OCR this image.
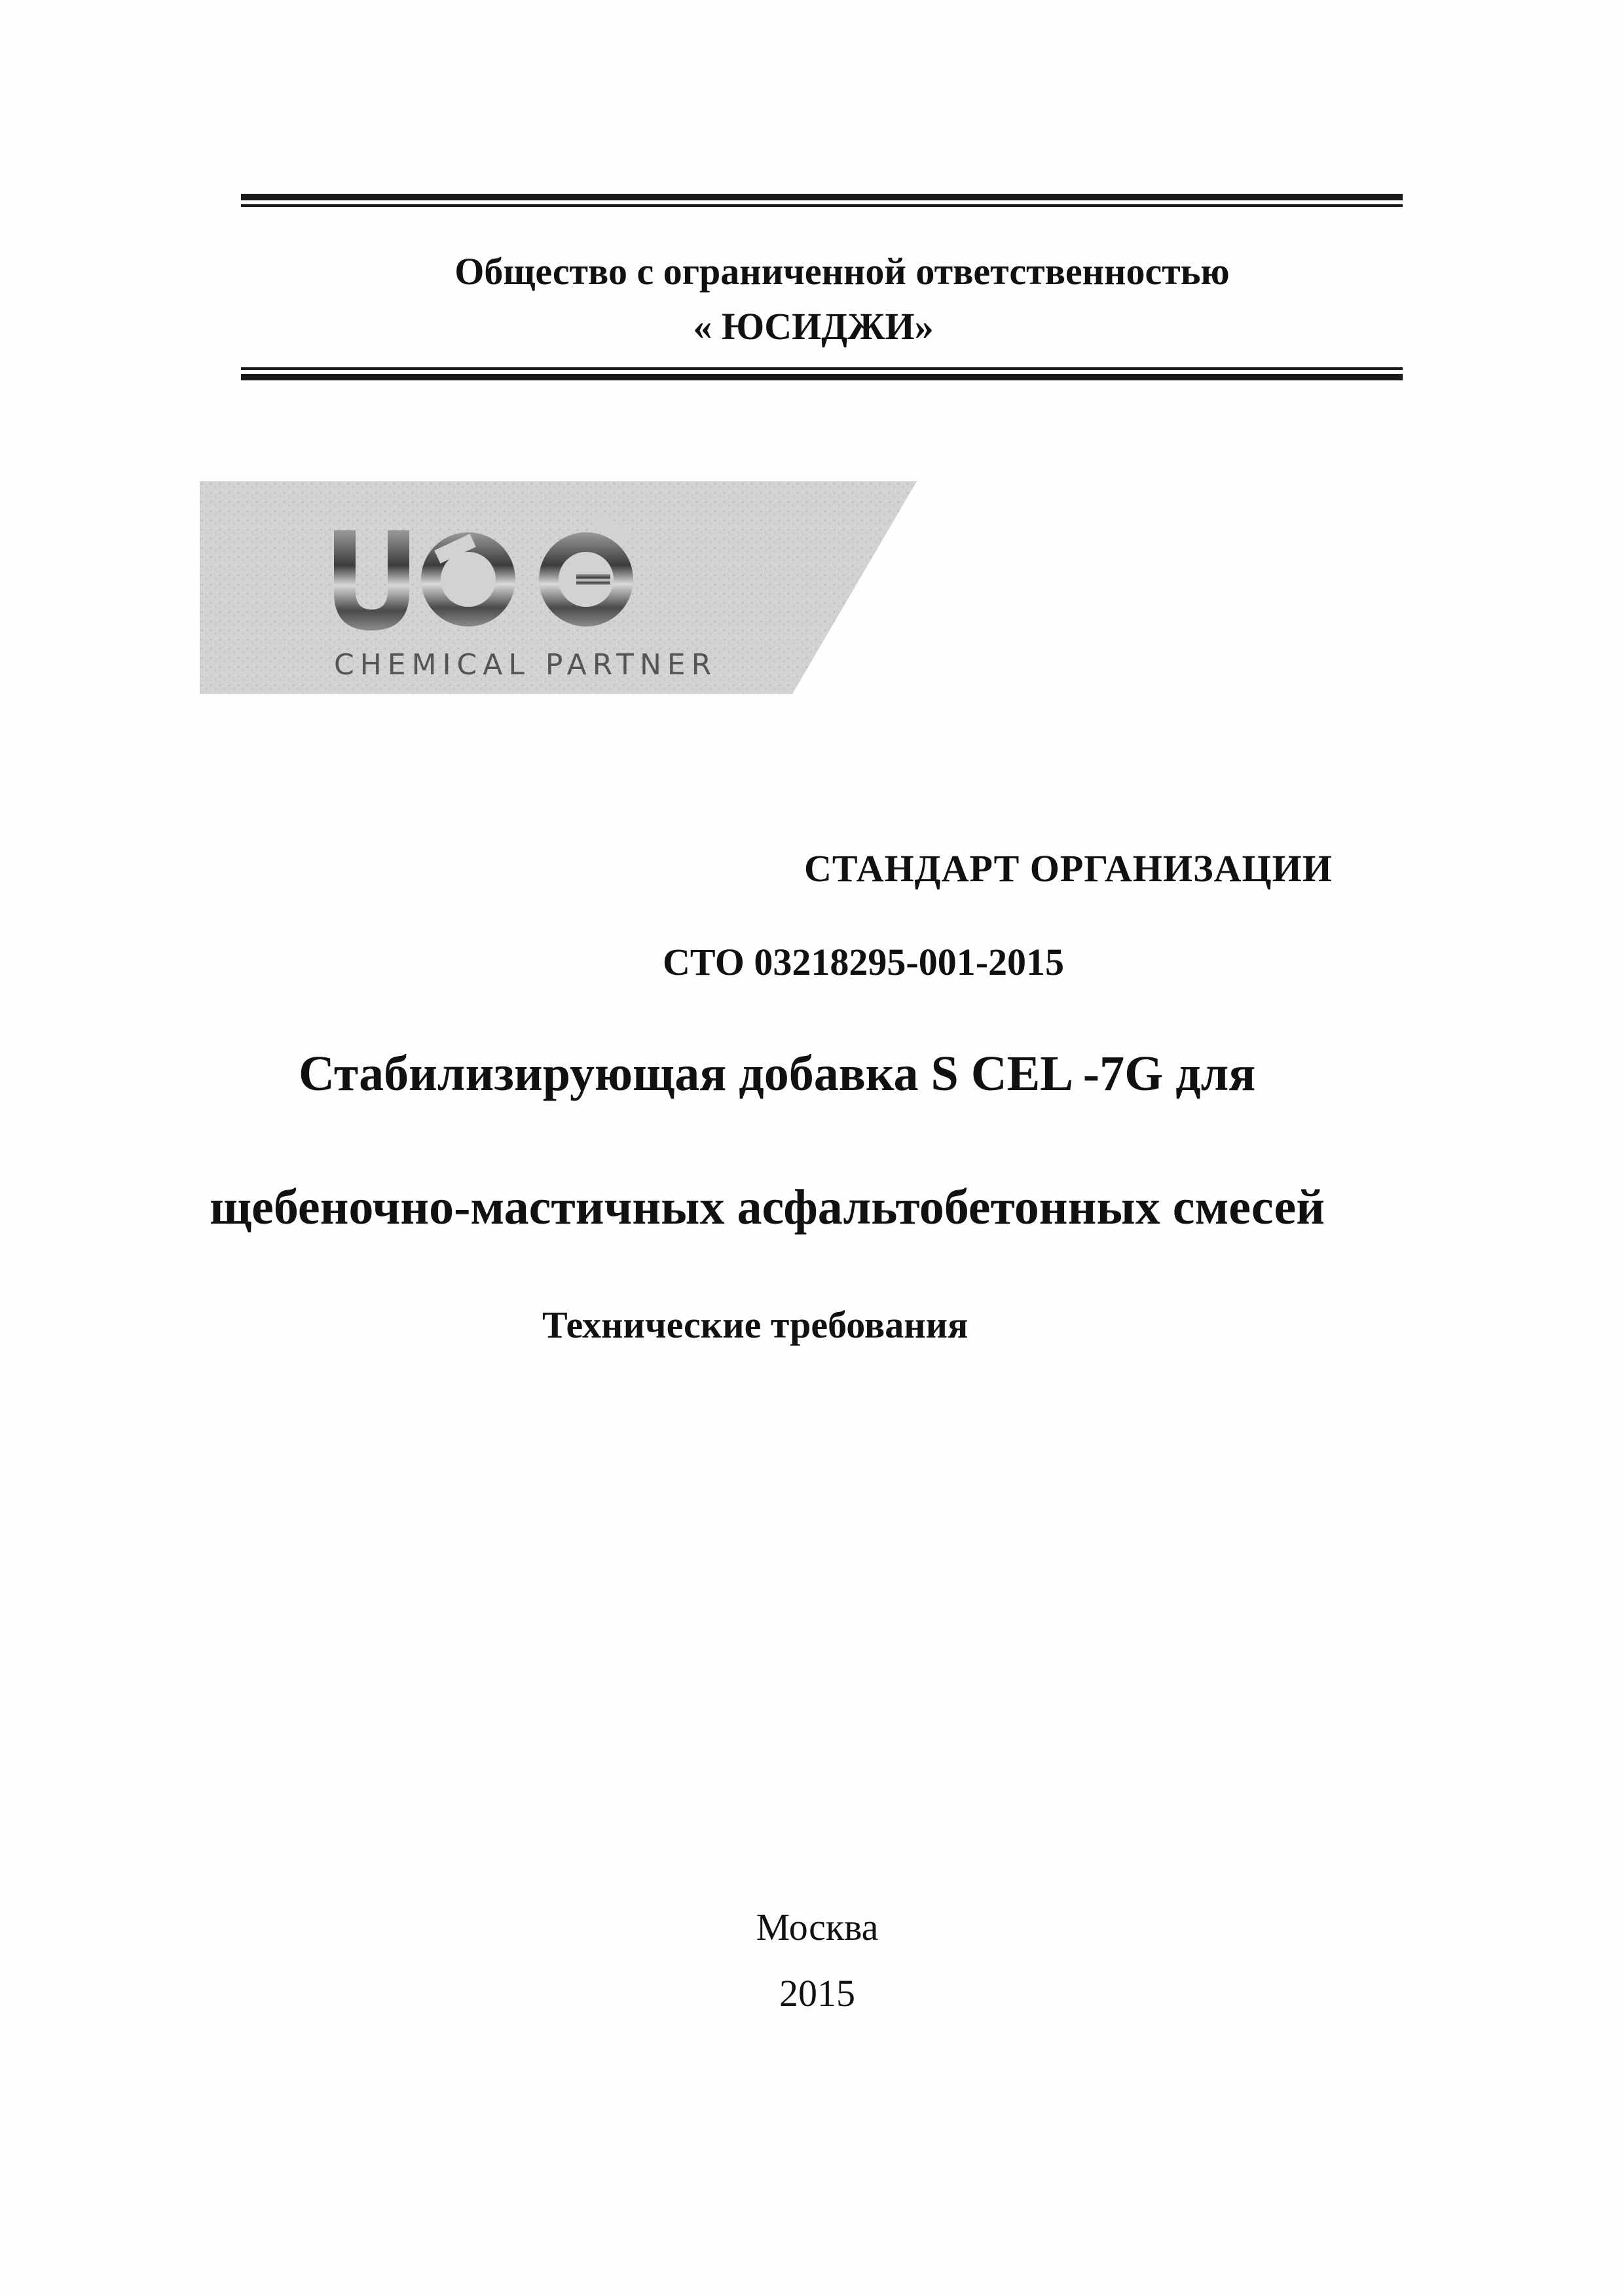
Общество с ограниченной ответственностью
« ЮСИДЖИ»
CHEMICAL PARTNER
СТАНДАРТ ОРГАНИЗАЦИИ
СТО 03218295-001-2015
Стабилизирующая добавка S CEL -7G для
щебеночно-мастичных асфальтобетонных смесей
Технические требования
Москва
2015
